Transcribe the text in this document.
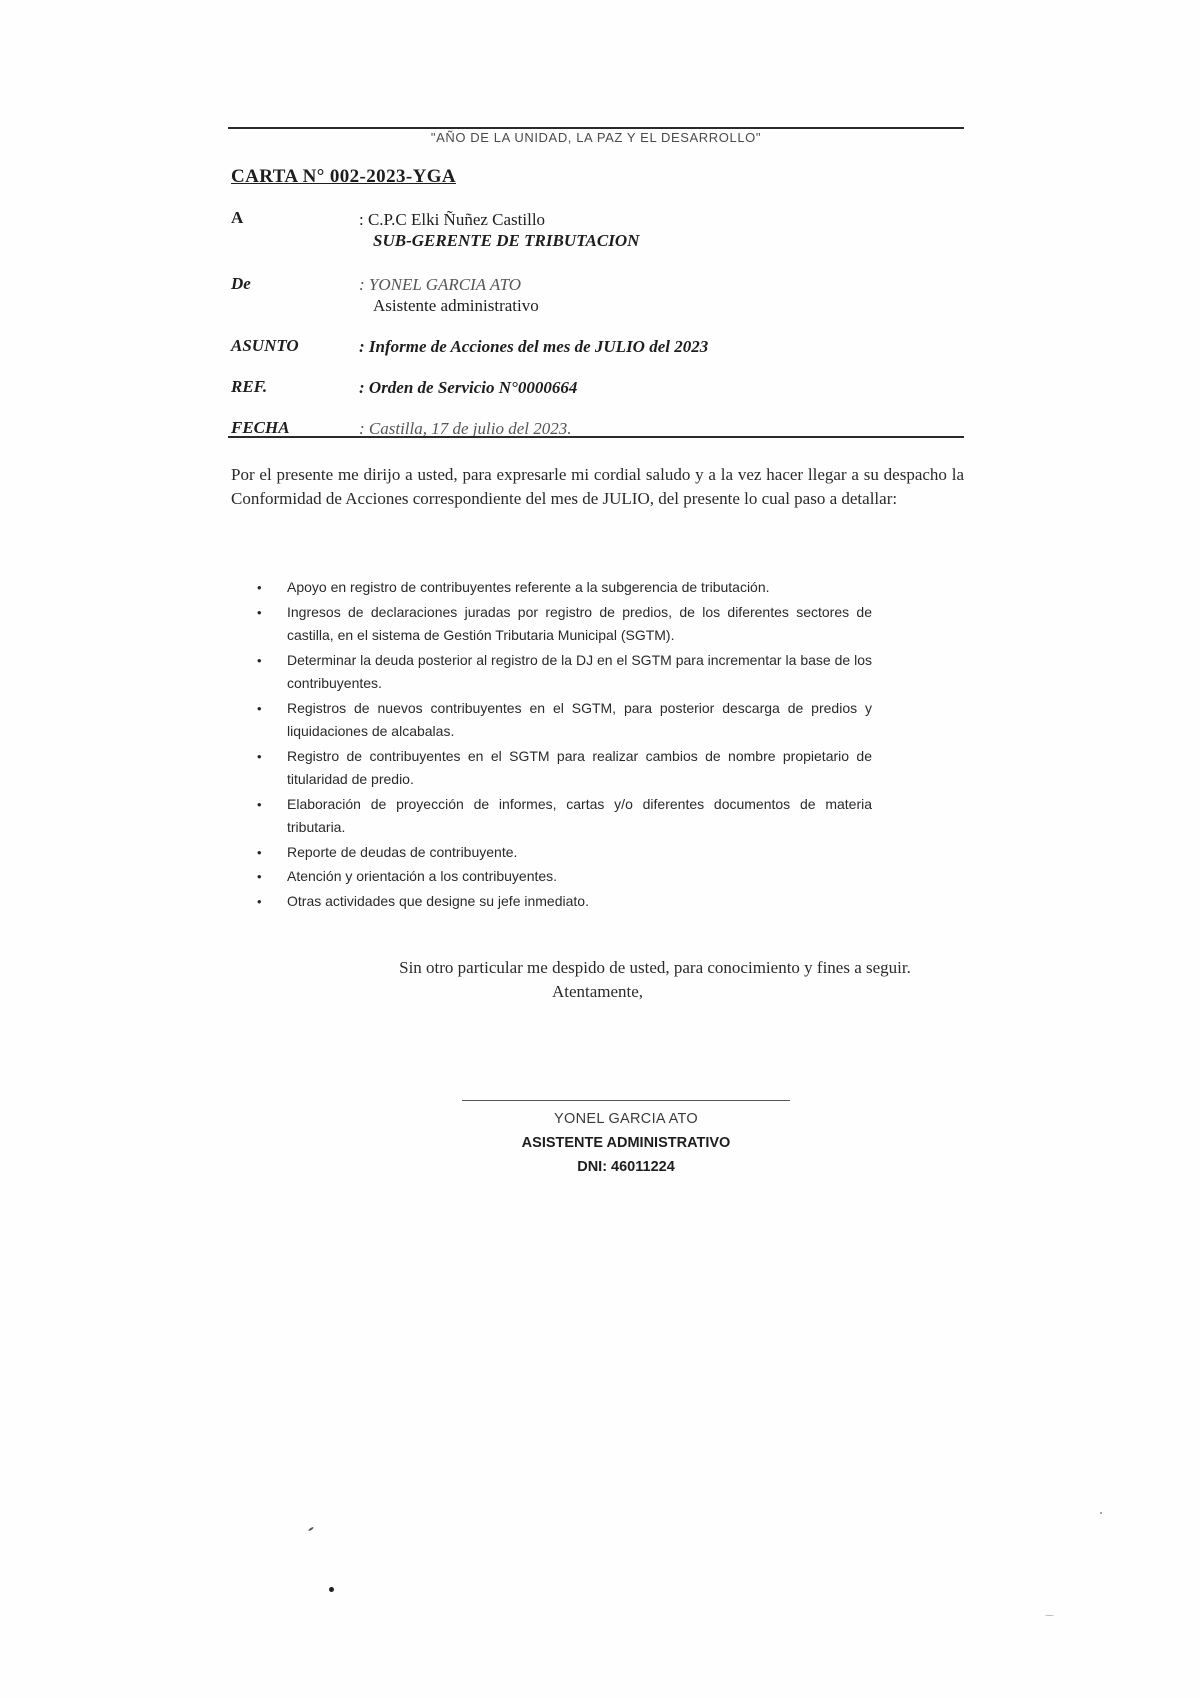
"AÑO DE LA UNIDAD, LA PAZ Y EL DESARROLLO"
CARTA N° 002-2023-YGA
A	: C.P.C Elki Ñuñez Castillo
SUB-GERENTE DE TRIBUTACION
De	: YONEL GARCIA ATO
Asistente administrativo
ASUNTO	: Informe de Acciones del mes de JULIO del 2023
REF.	: Orden de Servicio N°0000664
FECHA	: Castilla, 17 de julio del 2023.
Por el presente me dirijo a usted, para expresarle mi cordial saludo y a la vez hacer llegar a su despacho la Conformidad de Acciones correspondiente del mes de JULIO, del presente lo cual paso a detallar:
• Apoyo en registro de contribuyentes referente a la subgerencia de tributación.
• Ingresos de declaraciones juradas por registro de predios, de los diferentes sectores de castilla, en el sistema de Gestión Tributaria Municipal (SGTM).
• Determinar la deuda posterior al registro de la DJ en el SGTM para incrementar la base de los contribuyentes.
• Registros de nuevos contribuyentes en el SGTM, para posterior descarga de predios y liquidaciones de alcabalas.
• Registro de contribuyentes en el SGTM para realizar cambios de nombre propietario de titularidad de predio.
• Elaboración de proyección de informes, cartas y/o diferentes documentos de materia tributaria.
• Reporte de deudas de contribuyente.
• Atención y orientación a los contribuyentes.
• Otras actividades que designe su jefe inmediato.
Sin otro particular me despido de usted, para conocimiento y fines a seguir.
Atentamente,
YONEL GARCIA ATO
ASISTENTE ADMINISTRATIVO
DNI: 46011224
